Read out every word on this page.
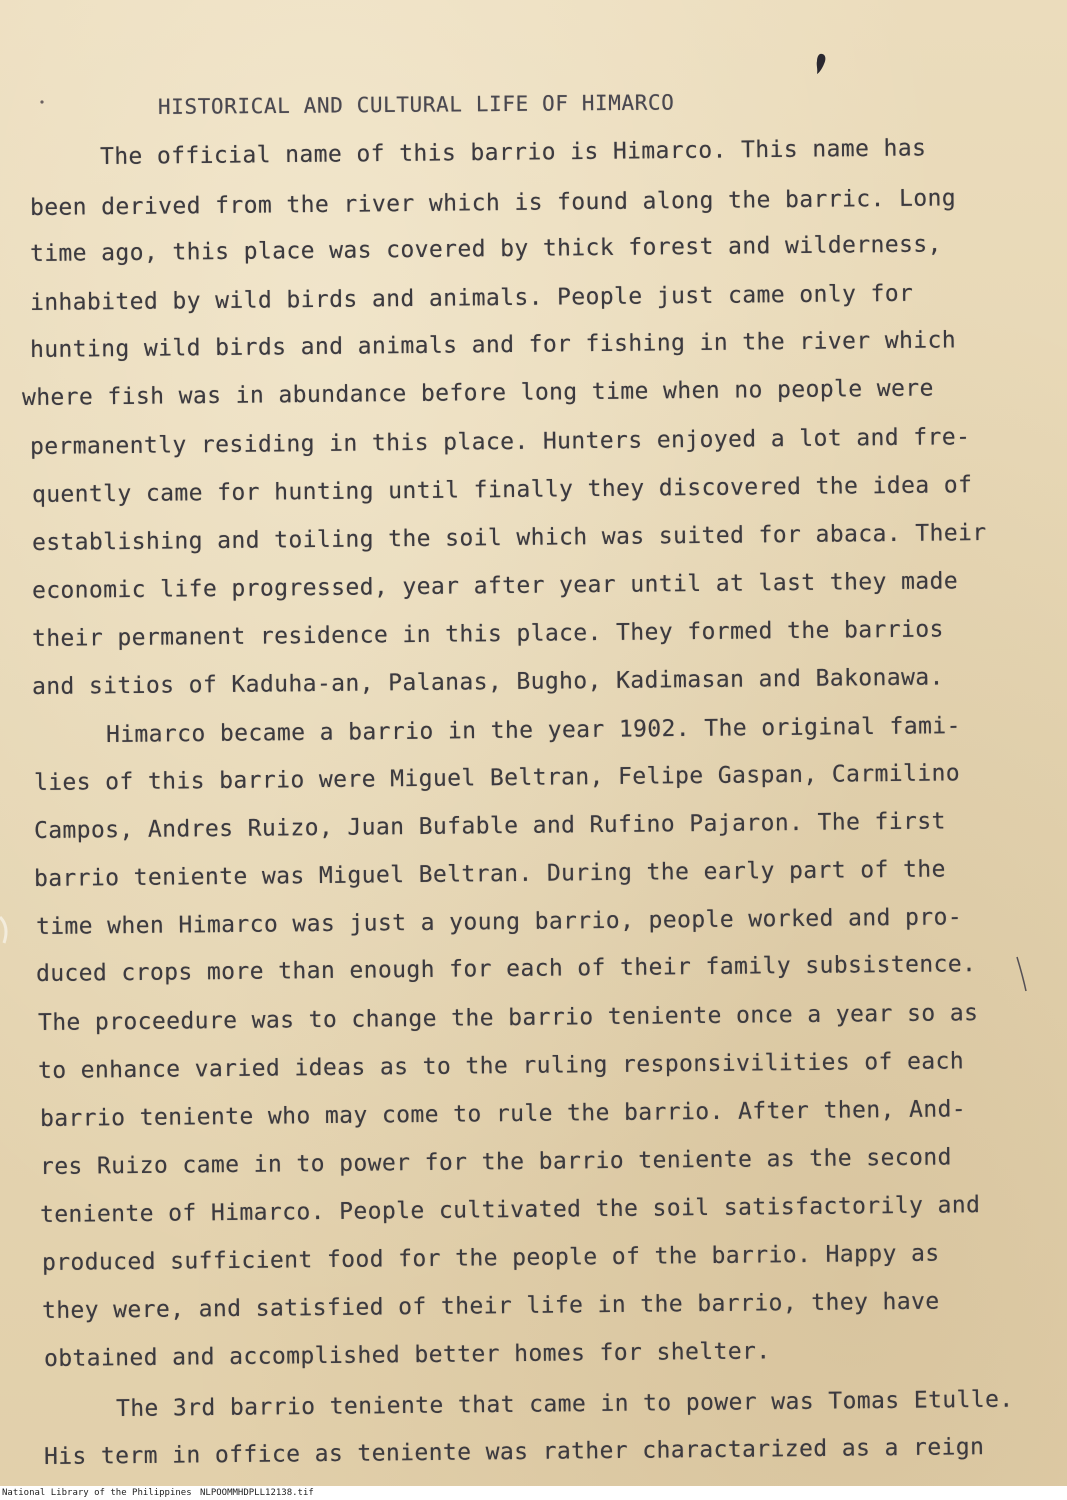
HISTORICAL AND CULTURAL LIFE OF HIMARCO
The official name of this barrio is Himarco. This name has
been derived from the river which is found along the barric. Long
time ago, this place was covered by thick forest and wilderness,
inhabited by wild birds and animals. People just came only for
hunting wild birds and animals and for fishing in the river which
where fish was in abundance before long time when no people were
permanently residing in this place. Hunters enjoyed a lot and fre-
quently came for hunting until finally they discovered the idea of
establishing and toiling the soil which was suited for abaca. Their
economic life progressed, year after year until at last they made
their permanent residence in this place. They formed the barrios
and sitios of Kaduha-an, Palanas, Bugho, Kadimasan and Bakonawa.
Himarco became a barrio in the year 1902. The original fami-
lies of this barrio were Miguel Beltran, Felipe Gaspan, Carmilino
Campos, Andres Ruizo, Juan Bufable and Rufino Pajaron. The first
barrio teniente was Miguel Beltran. During the early part of the
time when Himarco was just a young barrio, people worked and pro-
duced crops more than enough for each of their family subsistence.
The proceedure was to change the barrio teniente once a year so as
to enhance varied ideas as to the ruling responsivilities of each
barrio teniente who may come to rule the barrio. After then, And-
res Ruizo came in to power for the barrio teniente as the second
teniente of Himarco. People cultivated the soil satisfactorily and
produced sufficient food for the people of the barrio. Happy as
they were, and satisfied of their life in the barrio, they have
obtained and accomplished better homes for shelter.
The 3rd barrio teniente that came in to power was Tomas Etulle.
His term in office as teniente was rather charactarized as a reign
National Library of the Philippines NLPOOMMHDPLL12138.tif
